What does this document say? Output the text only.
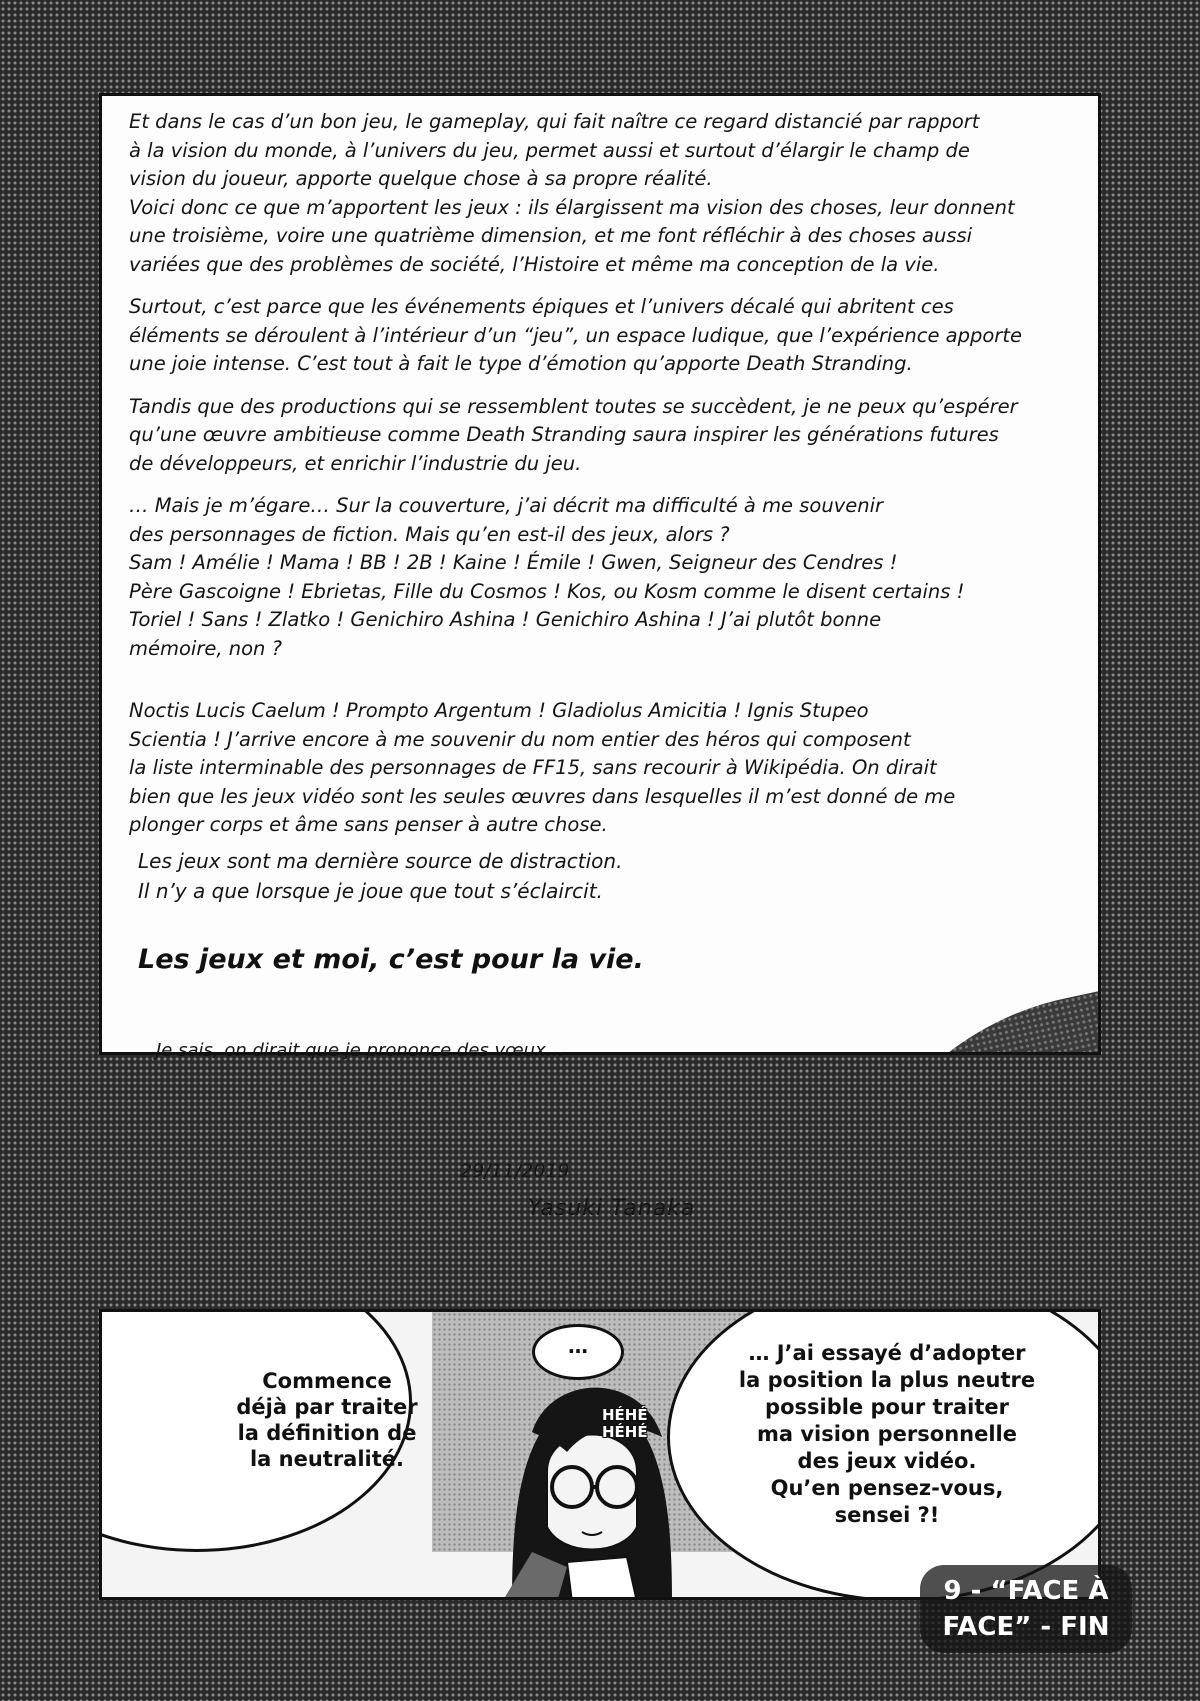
Et dans le cas d’un bon jeu, le gameplay, qui fait naître ce regard distancié par rapport
à la vision du monde, à l’univers du jeu, permet aussi et surtout d’élargir le champ de
vision du joueur, apporte quelque chose à sa propre réalité.
Voici donc ce que m’apportent les jeux : ils élargissent ma vision des choses, leur donnent
une troisième, voire une quatrième dimension, et me font réfléchir à des choses aussi
variées que des problèmes de société, l’Histoire et même ma conception de la vie.

Surtout, c’est parce que les événements épiques et l’univers décalé qui abritent ces
éléments se déroulent à l’intérieur d’un “jeu”, un espace ludique, que l’expérience apporte
une joie intense. C’est tout à fait le type d’émotion qu’apporte Death Stranding.

Tandis que des productions qui se ressemblent toutes se succèdent, je ne peux qu’espérer
qu’une œuvre ambitieuse comme Death Stranding saura inspirer les générations futures
de développeurs, et enrichir l’industrie du jeu.

… Mais je m’égare… Sur la couverture, j’ai décrit ma difficulté à me souvenir
des personnages de fiction. Mais qu’en est-il des jeux, alors ?
Sam ! Amélie ! Mama ! BB ! 2B ! Kaine ! Émile ! Gwen, Seigneur des Cendres !
Père Gascoigne ! Ebrietas, Fille du Cosmos ! Kos, ou Kosm comme le disent certains !
Toriel ! Sans ! Zlatko ! Genichiro Ashina ! Genichiro Ashina ! J’ai plutôt bonne
mémoire, non ?

Noctis Lucis Caelum ! Prompto Argentum ! Gladiolus Amicitia ! Ignis Stupeo
Scientia ! J’arrive encore à me souvenir du nom entier des héros qui composent
la liste interminable des personnages de FF15, sans recourir à Wikipédia. On dirait
bien que les jeux vidéo sont les seules œuvres dans lesquelles il m’est donné de me
plonger corps et âme sans penser à autre chose.

Les jeux sont ma dernière source de distraction.
Il n’y a que lorsque je joue que tout s’éclaircit.

Les jeux et moi, c’est pour la vie.

Je sais, on dirait que je prononce des vœux…

29/11/2019

Yasuki Tanaka

Commence
déjà par traiter
la définition de
la neutralité.

… J’ai essayé d’adopter
la position la plus neutre
possible pour traiter
ma vision personnelle
des jeux vidéo.
Qu’en pensez-vous,
sensei ?!

…

HÉHÉ
HÉHÉ

9 - “FACE À
FACE” - FIN
